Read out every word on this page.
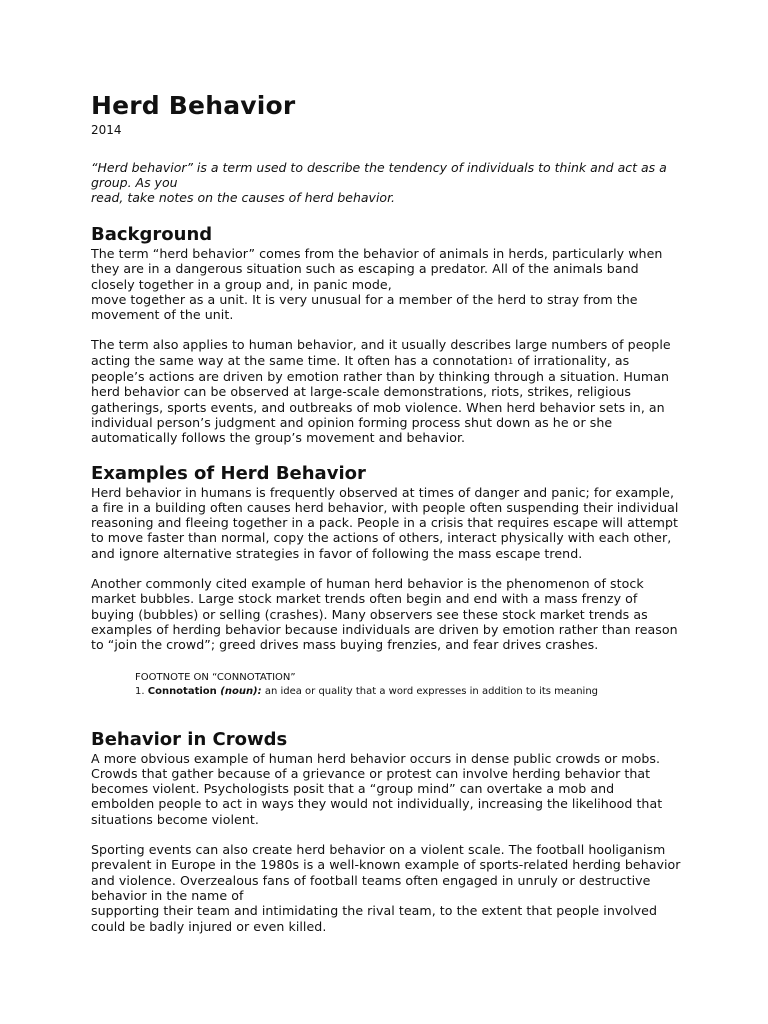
Herd Behavior
2014
“Herd behavior” is a term used to describe the tendency of individuals to think and act as a
group. As you
read, take notes on the causes of herd behavior.
Background

The term “herd behavior” comes from the behavior of animals in herds, particularly when
they are in a dangerous situation such as escaping a predator. All of the animals band
closely together in a group and, in panic mode,
move together as a unit. It is very unusual for a member of the herd to stray from the
movement of the unit.

The term also applies to human behavior, and it usually describes large numbers of people
acting the same way at the same time. It often has a connotation$^1$ of irrationality, as
people’s actions are driven by emotion rather than by thinking through a situation. Human
herd behavior can be observed at large-scale demonstrations, riots, strikes, religious
gatherings, sports events, and outbreaks of mob violence. When herd behavior sets in, an
individual person’s judgment and opinion forming process shut down as he or she
automatically follows the group’s movement and behavior.

Examples of Herd Behavior

Herd behavior in humans is frequently observed at times of danger and panic; for example,
a fire in a building often causes herd behavior, with people often suspending their individual
reasoning and fleeing together in a pack. People in a crisis that requires escape will attempt
to move faster than normal, copy the actions of others, interact physically with each other,
and ignore alternative strategies in favor of following the mass escape trend.

Another commonly cited example of human herd behavior is the phenomenon of stock
market bubbles. Large stock market trends often begin and end with a mass frenzy of
buying (bubbles) or selling (crashes). Many observers see these stock market trends as
examples of herding behavior because individuals are driven by emotion rather than reason
to “join the crowd”; greed drives mass buying frenzies, and fear drives crashes.

FOOTNOTE ON “CONNOTATION”
1. Connotation (noun): an idea or quality that a word expresses in addition to its meaning
Behavior in Crowds

A more obvious example of human herd behavior occurs in dense public crowds or mobs.
Crowds that gather because of a grievance or protest can involve herding behavior that
becomes violent. Psychologists posit that a “group mind” can overtake a mob and
embolden people to act in ways they would not individually, increasing the likelihood that
situations become violent.

Sporting events can also create herd behavior on a violent scale. The football hooliganism
prevalent in Europe in the 1980s is a well-known example of sports-related herding behavior
and violence. Overzealous fans of football teams often engaged in unruly or destructive
behavior in the name of
supporting their team and intimidating the rival team, to the extent that people involved
could be badly injured or even killed.
